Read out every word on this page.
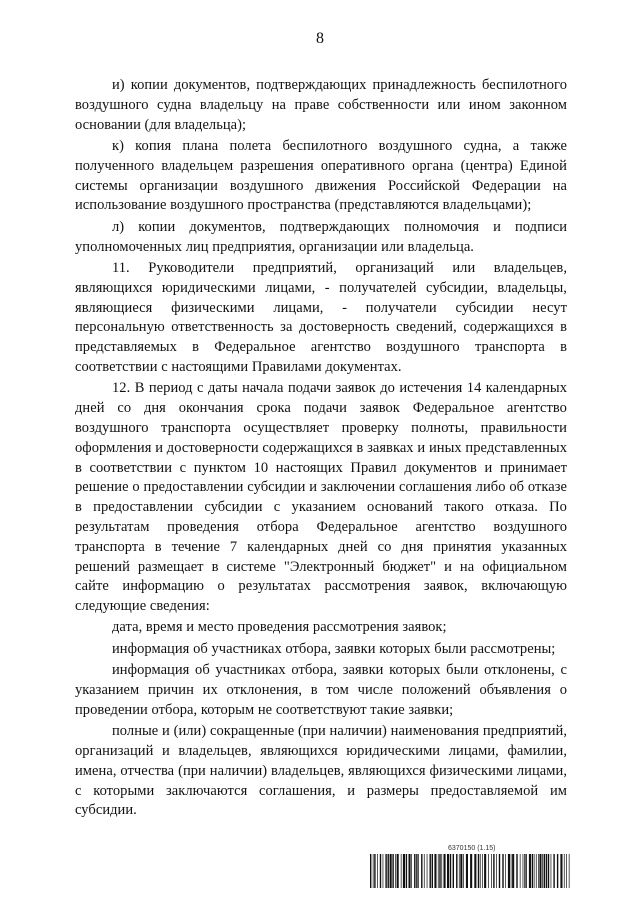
8

и) копии документов, подтверждающих принадлежность беспилотного воздушного судна владельцу на праве собственности или ином законном основании (для владельца);

к) копия плана полета беспилотного воздушного судна, а также полученного владельцем разрешения оперативного органа (центра) Единой системы организации воздушного движения Российской Федерации на использование воздушного пространства (представляются владельцами);

л) копии документов, подтверждающих полномочия и подписи уполномоченных лиц предприятия, организации или владельца.

11. Руководители предприятий, организаций или владельцев, являющихся юридическими лицами, - получателей субсидии, владельцы, являющиеся физическими лицами, - получатели субсидии несут персональную ответственность за достоверность сведений, содержащихся в представляемых в Федеральное агентство воздушного транспорта в соответствии с настоящими Правилами документах.

12. В период с даты начала подачи заявок до истечения 14 календарных дней со дня окончания срока подачи заявок Федеральное агентство воздушного транспорта осуществляет проверку полноты, правильности оформления и достоверности содержащихся в заявках и иных представленных в соответствии с пунктом 10 настоящих Правил документов и принимает решение о предоставлении субсидии и заключении соглашения либо об отказе в предоставлении субсидии с указанием оснований такого отказа. По результатам проведения отбора Федеральное агентство воздушного транспорта в течение 7 календарных дней со дня принятия указанных решений размещает в системе "Электронный бюджет" и на официальном сайте информацию о результатах рассмотрения заявок, включающую следующие сведения:

дата, время и место проведения рассмотрения заявок;

информация об участниках отбора, заявки которых были рассмотрены;

информация об участниках отбора, заявки которых были отклонены, с указанием причин их отклонения, в том числе положений объявления о проведении отбора, которым не соответствуют такие заявки;

полные и (или) сокращенные (при наличии) наименования предприятий, организаций и владельцев, являющихся юридическими лицами, фамилии, имена, отчества (при наличии) владельцев, являющихся физическими лицами, с которыми заключаются соглашения, и размеры предоставляемой им субсидии.

6370150 (1.15)
